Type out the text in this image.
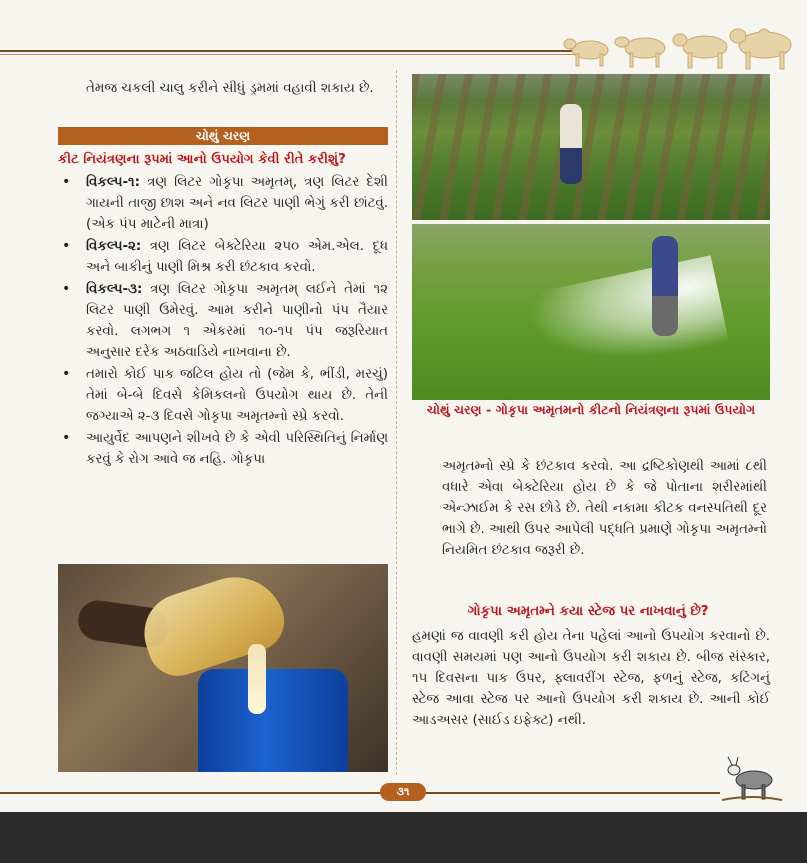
તેમજ ચકલી ચાલુ કરીને સીધું ડ્રમમાં વહાવી શકાય છે.

ચોથું ચરણ
કીટ નિયંત્રણના રૂપમાં આનો ઉપયોગ કેવી રીતે કરીશું?
• વિકલ્પ-૧: ત્રણ લિટર ગોકૃપા અમૃતમ્, ત્રણ લિટર દેશી ગાયની તાજી છાશ અને નવ લિટર પાણી ભેગું કરી છાંટવું. (એક પંપ માટેની માત્રા)
• વિકલ્પ-૨: ત્રણ લિટર બેક્ટેરિયા ૨૫૦ એમ.એલ. દૂધ અને બાકીનું પાણી મિશ્ર કરી છંટકાવ કરવો.
• વિકલ્પ-૩: ત્રણ લિટર ગોકૃપા અમૃતમ્ લઈને તેમાં ૧૨ લિટર પાણી ઉમેરવું. આમ કરીને પાણીનો પંપ તૈયાર કરવો. લગભગ ૧ એકરમાં ૧૦-૧૫ પંપ જરૂરિયાત અનુસાર દરેક અઠવાડિયે નાખવાના છે.
• તમારો કોઈ પાક જટિલ હોય તો (જેમ કે, ભીંડી, મરચું) તેમાં બે-બે દિવસે કેમિકલનો ઉપયોગ થાય છે. તેની જગ્યાએ ૨-૩ દિવસે ગોકૃપા અમૃતમ્નો સ્પ્રે કરવો.
• આયુર્વેદ આપણને શીખવે છે કે એવી પરિસ્થિતિનું નિર્માણ કરવું કે રોગ આવે જ નહિ. ગોકૃપા
ચોથું ચરણ - ગોકૃપા અમૃતમનો કીટનો નિયંત્રણના રૂપમાં ઉપયોગ

અમૃતમ્નો સ્પ્રે કે છંટકાવ કરવો. આ દ્રષ્ટિકોણથી આમાં ૮થી વધારે એવા બેક્ટેરિયા હોય છે કે જે પોતાના શરીરમાંથી એન્ઝાઈમ કે રસ છોડે છે. તેથી નકામા કીટક વનસ્પતિથી દૂર ભાગે છે. આથી ઉપર આપેલી પદ્ધતિ પ્રમાણે ગોકૃપા અમૃતમ્નો નિયમિત છંટકાવ જરૂરી છે.

ગોકૃપા અમૃતમ્ને કયા સ્ટેજ પર નાખવાનું છે?

હમણાં જ વાવણી કરી હોય તેના પહેલાં આનો ઉપયોગ કરવાનો છે. વાવણી સમયમાં પણ આનો ઉપયોગ કરી શકાય છે. બીજ સંસ્કાર, ૧૫ દિવસના પાક ઉપર, ફ્લાવરીંગ સ્ટેજ, ફળનું સ્ટેજ, કટિંગનું સ્ટેજ આવા સ્ટેજ પર આનો ઉપયોગ કરી શકાય છે. આની કોઈ આડઅસર (સાઈડ ઇફેક્ટ) નથી.

૩૧
